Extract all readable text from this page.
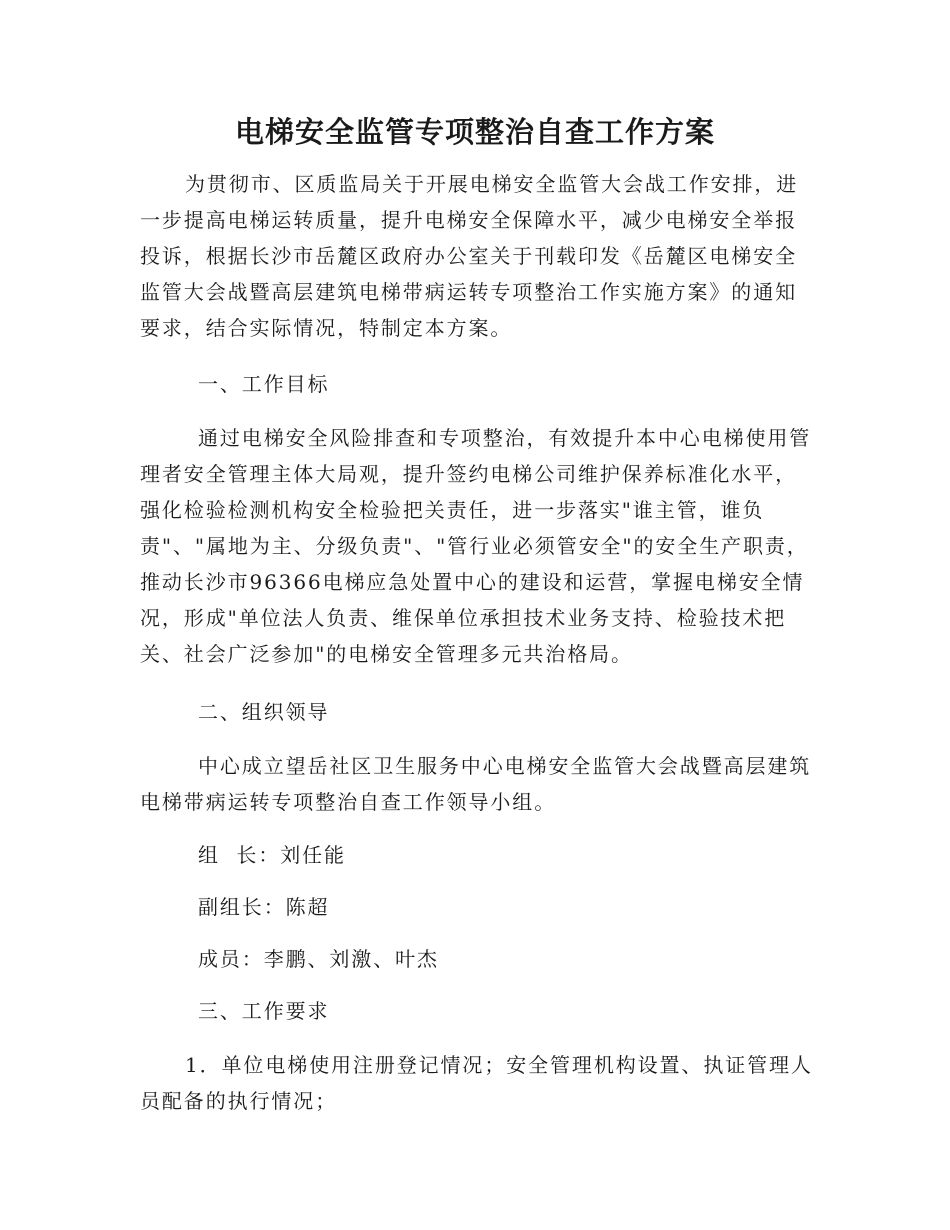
电梯安全监管专项整治自查工作方案
为贯彻市、区质监局关于开展电梯安全监管大会战工作安排，进
一步提高电梯运转质量，提升电梯安全保障水平，减少电梯安全举报
投诉，根据长沙市岳麓区政府办公室关于刊载印发《岳麓区电梯安全
监管大会战暨高层建筑电梯带病运转专项整治工作实施方案》的通知
要求，结合实际情况，特制定本方案。
一、工作目标
通过电梯安全风险排查和专项整治，有效提升本中心电梯使用管
理者安全管理主体大局观，提升签约电梯公司维护保养标准化水平，
强化检验检测机构安全检验把关责任，进一步落实"谁主管，谁负
责"、"属地为主、分级负责"、"管行业必须管安全"的安全生产职责，
推动长沙市96366电梯应急处置中心的建设和运营，掌握电梯安全情
况，形成"单位法人负责、维保单位承担技术业务支持、检验技术把
关、社会广泛参加"的电梯安全管理多元共治格局。
二、组织领导
中心成立望岳社区卫生服务中心电梯安全监管大会战暨高层建筑
电梯带病运转专项整治自查工作领导小组。
组  长：刘任能
副组长：陈超
成员：李鹏、刘激、叶杰
三、工作要求
1．单位电梯使用注册登记情况；安全管理机构设置、执证管理人
员配备的执行情况；
